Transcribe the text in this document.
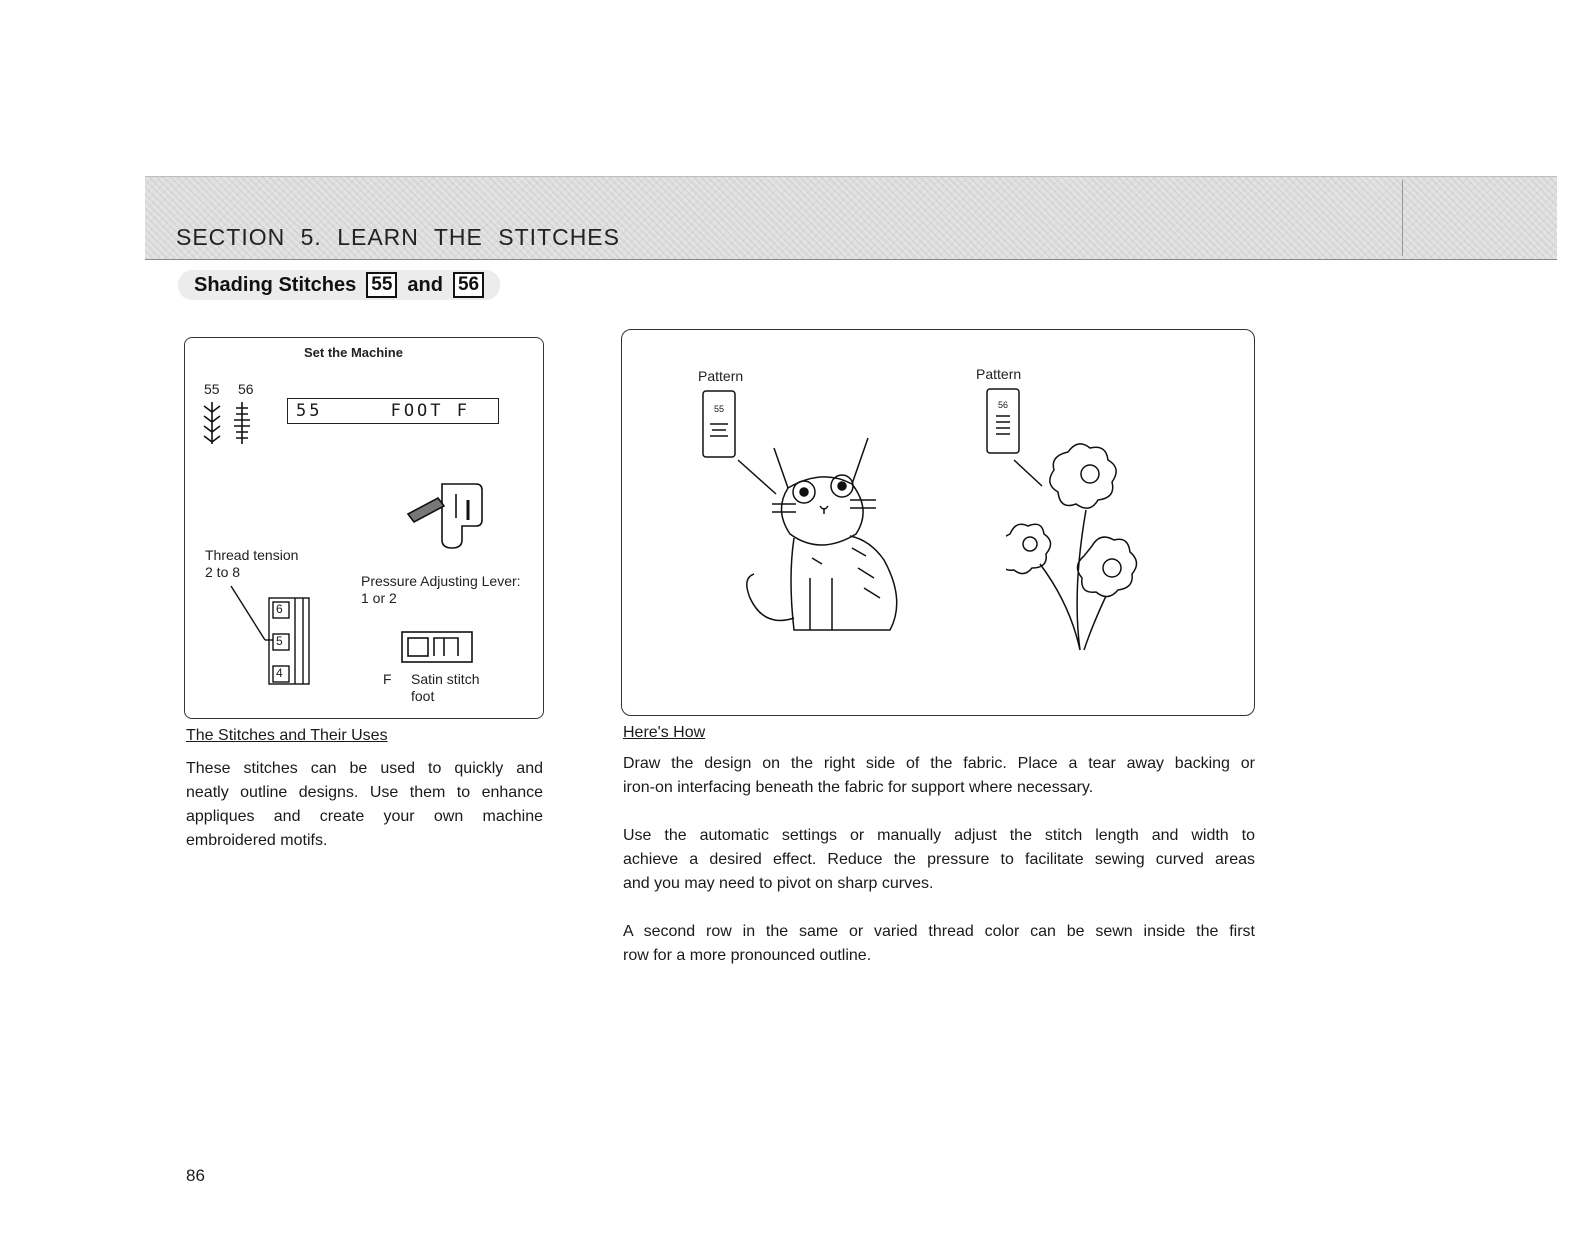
SECTION 5. LEARN THE STITCHES
Shading Stitches 55 and 56
Set the Machine
55 56
55	FOOT F
Thread tension
2 to 8
Pressure Adjusting Lever:
1 or 2
6
5
4	F Satin stitch
foot
Pattern	Pattern
55	56
The Stitches and Their Uses
These stitches can be used to quickly and
neatly outline designs. Use them to enhance
appliques and create your own machine
embroidered motifs.
Here's How
Draw the design on the right side of the fabric. Place a tear away backing or
iron-on interfacing beneath the fabric for support where necessary.
Use the automatic settings or manually adjust the stitch length and width to
achieve a desired effect. Reduce the pressure to facilitate sewing curved areas
and you may need to pivot on sharp curves.
A second row in the same or varied thread color can be sewn inside the first
row for a more pronounced outline.
86
